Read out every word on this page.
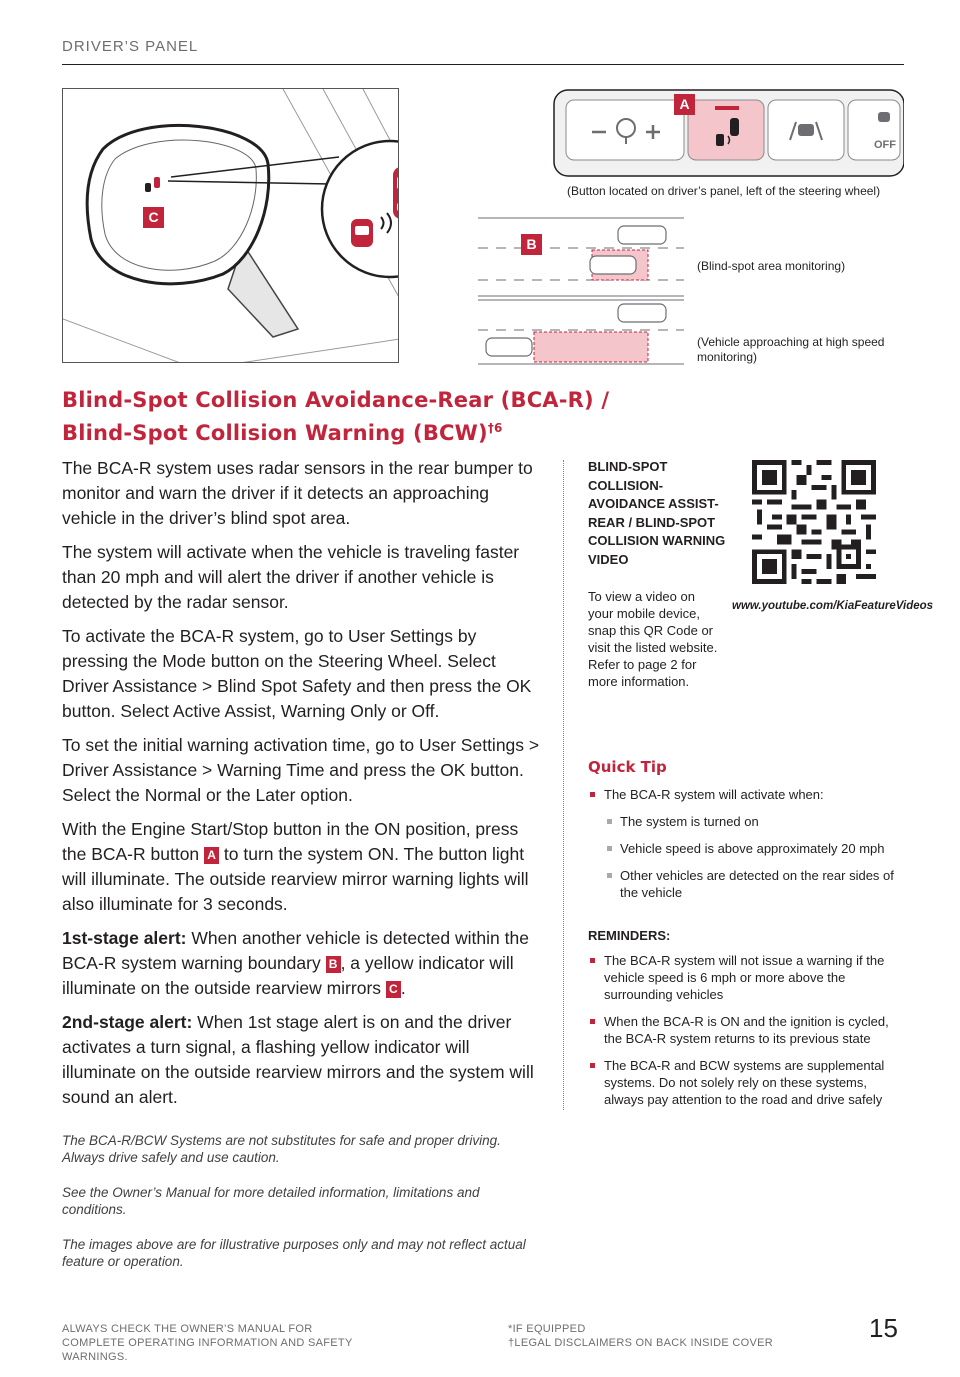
DRIVER’S PANEL
C
OFF
A
(Button located on driver’s panel, left of the steering wheel)
B
(Blind-spot area monitoring)
(Vehicle approaching at high speed monitoring)
Blind-Spot Collision Avoidance-Rear (BCA-R) /
Blind-Spot Collision Warning (BCW)$^{\dagger 6}$

The BCA-R system uses radar sensors in the rear bumper to monitor and warn the driver if it detects an approaching vehicle in the driver’s blind spot area.

The system will activate when the vehicle is traveling faster than 20 mph and will alert the driver if another vehicle is detected by the radar sensor.

To activate the BCA-R system, go to User Settings by pressing the Mode button on the Steering Wheel. Select Driver Assistance > Blind Spot Safety and then press the OK button. Select Active Assist, Warning Only or Off.

To set the initial warning activation time, go to User Settings > Driver Assistance > Warning Time and press the OK button. Select the Normal or the Later option.

With the Engine Start/Stop button in the ON position, press the BCA-R button A to turn the system ON. The button light will illuminate. The outside rearview mirror warning lights will also illuminate for 3 seconds.

1st-stage alert: When another vehicle is detected within the BCA-R system warning boundary B , a yellow indicator will illuminate on the outside rearview mirrors C .

2nd-stage alert: When 1st stage alert is on and the driver activates a turn signal, a flashing yellow indicator will illuminate on the outside rearview mirrors and the system will sound an alert.

The BCA-R/BCW Systems are not substitutes for safe and proper driving. Always drive safely and use caution.

See the Owner’s Manual for more detailed information, limitations and conditions.

The images above are for illustrative purposes only and may not reflect actual feature or operation.

BLIND-SPOT COLLISION-AVOIDANCE ASSIST-REAR / BLIND-SPOT COLLISION WARNING VIDEO
To view a video on your mobile device, snap this QR Code or visit the listed website. Refer to page 2 for more information.
www.youtube.com/KiaFeatureVideos
Quick Tip
The BCA-R system will activate when:
The system is turned on
Vehicle speed is above approximately 20 mph
Other vehicles are detected on the rear sides of the vehicle
REMINDERS:
The BCA-R system will not issue a warning if the vehicle speed is 6 mph or more above the surrounding vehicles
When the BCA-R is ON and the ignition is cycled, the BCA-R system returns to its previous state
The BCA-R and BCW systems are supplemental systems. Do not solely rely on these systems, always pay attention to the road and drive safely
ALWAYS CHECK THE OWNER’S MANUAL FOR COMPLETE OPERATING INFORMATION AND SAFETY WARNINGS.
*IF EQUIPPED
†LEGAL DISCLAIMERS ON BACK INSIDE COVER	15
